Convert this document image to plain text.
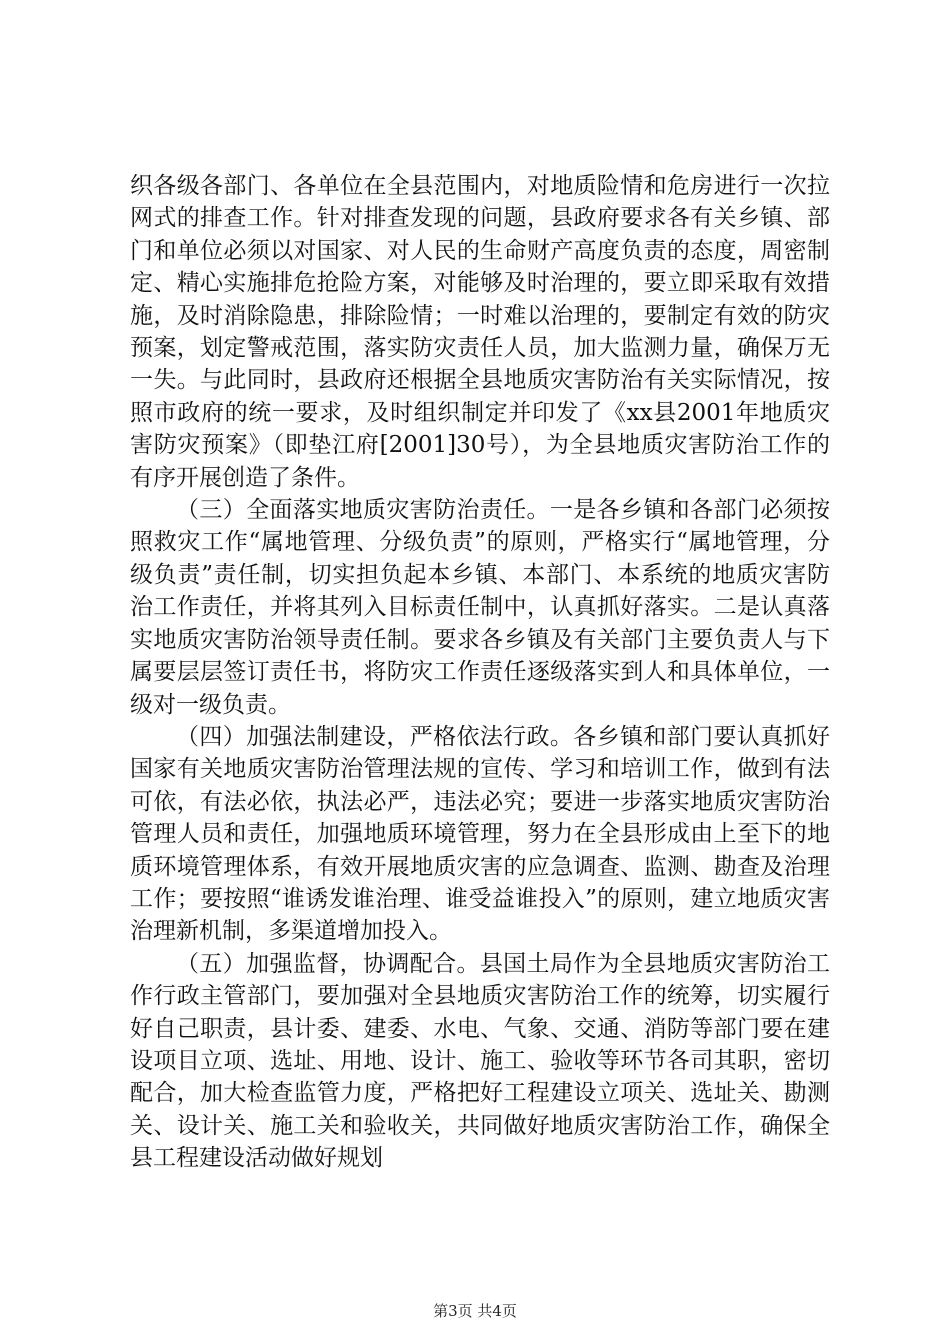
织各级各部门、各单位在全县范围内，对地质险情和危房进行一次拉网式的排查工作。针对排查发现的问题，县政府要求各有关乡镇、部门和单位必须以对国家、对人民的生命财产高度负责的态度，周密制定、精心实施排危抢险方案，对能够及时治理的，要立即采取有效措施，及时消除隐患，排除险情；一时难以治理的，要制定有效的防灾预案，划定警戒范围，落实防灾责任人员，加大监测力量，确保万无一失。与此同时，县政府还根据全县地质灾害防治有关实际情况，按照市政府的统一要求，及时组织制定并印发了《xx县2001年地质灾害防灾预案》（即垫江府[2001]30号），为全县地质灾害防治工作的有序开展创造了条件。

（三）全面落实地质灾害防治责任。一是各乡镇和各部门必须按照救灾工作“属地管理、分级负责”的原则，严格实行“属地管理，分级负责”责任制，切实担负起本乡镇、本部门、本系统的地质灾害防治工作责任，并将其列入目标责任制中，认真抓好落实。二是认真落实地质灾害防治领导责任制。要求各乡镇及有关部门主要负责人与下属要层层签订责任书，将防灾工作责任逐级落实到人和具体单位，一级对一级负责。

（四）加强法制建设，严格依法行政。各乡镇和部门要认真抓好国家有关地质灾害防治管理法规的宣传、学习和培训工作，做到有法可依，有法必依，执法必严，违法必究；要进一步落实地质灾害防治管理人员和责任，加强地质环境管理，努力在全县形成由上至下的地质环境管理体系，有效开展地质灾害的应急调查、监测、勘查及治理工作；要按照“谁诱发谁治理、谁受益谁投入”的原则，建立地质灾害治理新机制，多渠道增加投入。

（五）加强监督，协调配合。县国土局作为全县地质灾害防治工作行政主管部门，要加强对全县地质灾害防治工作的统筹，切实履行好自己职责，县计委、建委、水电、气象、交通、消防等部门要在建设项目立项、选址、用地、设计、施工、验收等环节各司其职，密切配合，加大检查监管力度，严格把好工程建设立项关、选址关、勘测关、设计关、施工关和验收关，共同做好地质灾害防治工作，确保全县工程建设活动做好规划

第3页 共4页
